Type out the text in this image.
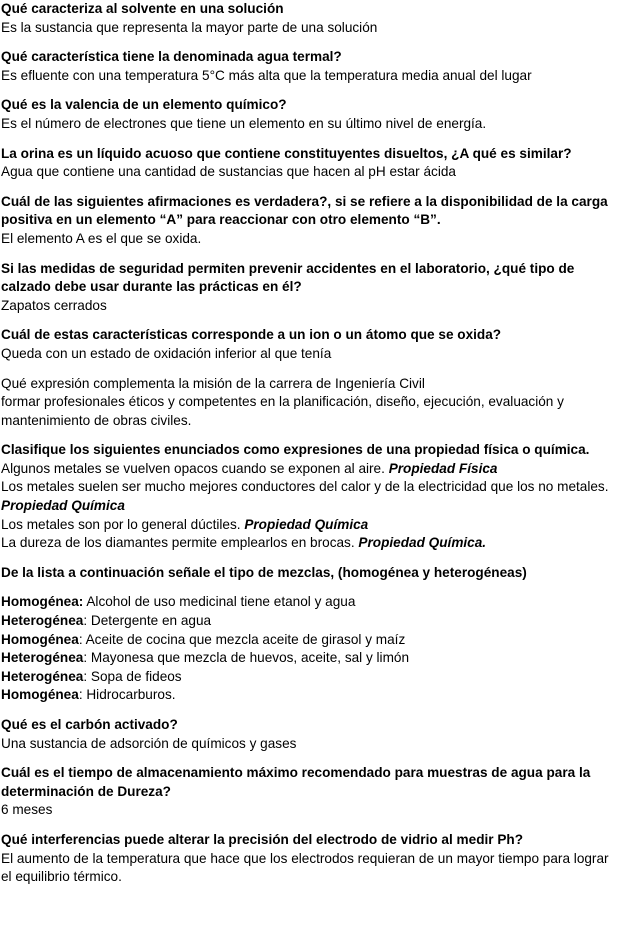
Qué caracteriza al solvente en una solución

Es la sustancia que representa la mayor parte de una solución

Qué característica tiene la denominada agua termal?

Es efluente con una temperatura 5°C más alta que la temperatura media anual del lugar

Qué es la valencia de un elemento químico?

Es el número de electrones que tiene un elemento en su último nivel de energía.

La orina es un líquido acuoso que contiene constituyentes disueltos, ¿A qué es similar?

Agua que contiene una cantidad de sustancias que hacen al pH estar ácida

Cuál de las siguientes afirmaciones es verdadera?, si se refiere a la disponibilidad de la carga positiva en un elemento “A” para reaccionar con otro elemento “B”.

El elemento A es el que se oxida.

Si las medidas de seguridad permiten prevenir accidentes en el laboratorio, ¿qué tipo de calzado debe usar durante las prácticas en él?

Zapatos cerrados

Cuál de estas características corresponde a un ion o un átomo que se oxida?

Queda con un estado de oxidación inferior al que tenía

Qué expresión complementa la misión de la carrera de Ingeniería Civil

formar profesionales éticos y competentes en la planificación, diseño, ejecución, evaluación y mantenimiento de obras civiles.

Clasifique los siguientes enunciados como expresiones de una propiedad física o química.

Algunos metales se vuelven opacos cuando se exponen al aire. Propiedad Física

Los metales suelen ser mucho mejores conductores del calor y de la electricidad que los no metales. Propiedad Química

Los metales son por lo general dúctiles. Propiedad Química

La dureza de los diamantes permite emplearlos en brocas. Propiedad Química.

De la lista a continuación señale el tipo de mezclas, (homogénea y heterogéneas)

Homogénea: Alcohol de uso medicinal tiene etanol y agua

Heterogénea: Detergente en agua

Homogénea: Aceite de cocina que mezcla aceite de girasol y maíz

Heterogénea: Mayonesa que mezcla de huevos, aceite, sal y limón

Heterogénea: Sopa de fideos

Homogénea: Hidrocarburos.

Qué es el carbón activado?

Una sustancia de adsorción de químicos y gases

Cuál es el tiempo de almacenamiento máximo recomendado para muestras de agua para la determinación de Dureza?

6 meses

Qué interferencias puede alterar la precisión del electrodo de vidrio al medir Ph?

El aumento de la temperatura que hace que los electrodos requieran de un mayor tiempo para lograr el equilibrio térmico.
